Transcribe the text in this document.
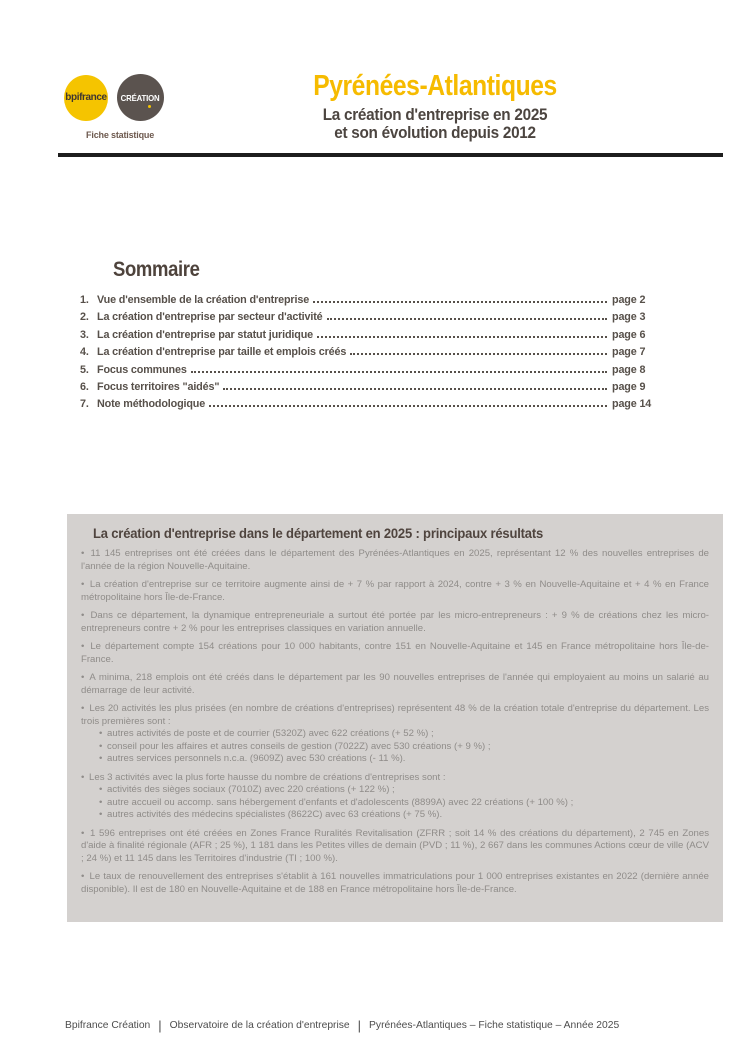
bpifrance CRÉATION
Fiche statistique
Pyrénées-Atlantiques
La création d'entreprise en 2025
et son évolution depuis 2012
Sommaire
1. Vue d'ensemble de la création d'entreprise	page 2
2. La création d'entreprise par secteur d'activité	page 3
3. La création d'entreprise par statut juridique	page 6
4. La création d'entreprise par taille et emplois créés	page 7
5. Focus communes	page 8
6. Focus territoires "aidés"	page 9
7. Note méthodologique	page 14
La création d'entreprise dans le département en 2025 : principaux résultats

• 11 145 entreprises ont été créées dans le département des Pyrénées-Atlantiques en 2025, représentant 12 % des nouvelles entreprises de l'année de la région Nouvelle-Aquitaine.

• La création d'entreprise sur ce territoire augmente ainsi de + 7 % par rapport à 2024, contre + 3 % en Nouvelle-Aquitaine et + 4 % en France métropolitaine hors Île-de-France.

• Dans ce département, la dynamique entrepreneuriale a surtout été portée par les micro-entrepreneurs : + 9 % de créations chez les micro-entrepreneurs contre + 2 % pour les entreprises classiques en variation annuelle.

• Le département compte 154 créations pour 10 000 habitants, contre 151 en Nouvelle-Aquitaine et 145 en France métropolitaine hors Île-de-France.

• A minima, 218 emplois ont été créés dans le département par les 90 nouvelles entreprises de l'année qui employaient au moins un salarié au démarrage de leur activité.

• Les 20 activités les plus prisées (en nombre de créations d'entreprises) représentent 48 % de la création totale d'entreprise du département. Les trois premières sont :

• autres activités de poste et de courrier (5320Z) avec 622 créations (+ 52 %) ;

• conseil pour les affaires et autres conseils de gestion (7022Z) avec 530 créations (+ 9 %) ;

• autres services personnels n.c.a. (9609Z) avec 530 créations (- 11 %).

• Les 3 activités avec la plus forte hausse du nombre de créations d'entreprises sont :

• activités des sièges sociaux (7010Z) avec 220 créations (+ 122 %) ;

• autre accueil ou accomp. sans hébergement d'enfants et d'adolescents (8899A) avec 22 créations (+ 100 %) ;

• autres activités des médecins spécialistes (8622C) avec 63 créations (+ 75 %).

• 1 596 entreprises ont été créées en Zones France Ruralités Revitalisation (ZFRR ; soit 14 % des créations du département), 2 745 en Zones d'aide à finalité régionale (AFR ; 25 %), 1 181 dans les Petites villes de demain (PVD ; 11 %), 2 667 dans les communes Actions cœur de ville (ACV ; 24 %) et 11 145 dans les Territoires d'industrie (TI ; 100 %).

• Le taux de renouvellement des entreprises s'établit à 161 nouvelles immatriculations pour 1 000 entreprises existantes en 2022 (dernière année disponible). Il est de 180 en Nouvelle-Aquitaine et de 188 en France métropolitaine hors Île-de-France.

Bpifrance Création | Observatoire de la création d'entreprise | Pyrénées-Atlantiques – Fiche statistique – Année 2025
